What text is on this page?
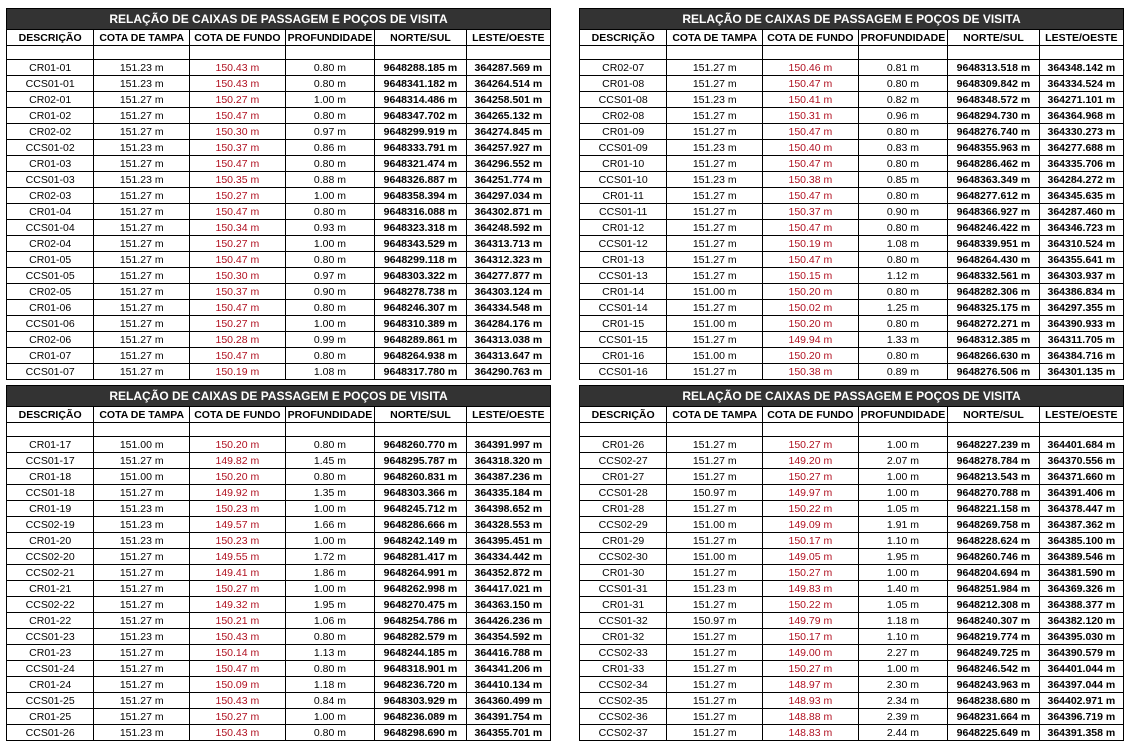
RELAÇÃO DE CAIXAS DE PASSAGEM E POÇOS DE VISITA					
DESCRIÇÃO	COTA DE TAMPA	COTA DE FUNDO	PROFUNDIDADE	NORTE/SUL	LESTE/OESTE

CR01-01	151.23 m	150.43 m	0.80 m	9648288.185 m	364287.569 m
CCS01-01	151.23 m	150.43 m	0.80 m	9648341.182 m	364264.514 m
CR02-01	151.27 m	150.27 m	1.00 m	9648314.486 m	364258.501 m
CR01-02	151.27 m	150.47 m	0.80 m	9648347.702 m	364265.132 m
CR02-02	151.27 m	150.30 m	0.97 m	9648299.919 m	364274.845 m
CCS01-02	151.23 m	150.37 m	0.86 m	9648333.791 m	364257.927 m
CR01-03	151.27 m	150.47 m	0.80 m	9648321.474 m	364296.552 m
CCS01-03	151.23 m	150.35 m	0.88 m	9648326.887 m	364251.774 m
CR02-03	151.27 m	150.27 m	1.00 m	9648358.394 m	364297.034 m
CR01-04	151.27 m	150.47 m	0.80 m	9648316.088 m	364302.871 m
CCS01-04	151.27 m	150.34 m	0.93 m	9648323.318 m	364248.592 m
CR02-04	151.27 m	150.27 m	1.00 m	9648343.529 m	364313.713 m
CR01-05	151.27 m	150.47 m	0.80 m	9648299.118 m	364312.323 m
CCS01-05	151.27 m	150.30 m	0.97 m	9648303.322 m	364277.877 m
CR02-05	151.27 m	150.37 m	0.90 m	9648278.738 m	364303.124 m
CR01-06	151.27 m	150.47 m	0.80 m	9648246.307 m	364334.548 m
CCS01-06	151.27 m	150.27 m	1.00 m	9648310.389 m	364284.176 m
CR02-06	151.27 m	150.28 m	0.99 m	9648289.861 m	364313.038 m
CR01-07	151.27 m	150.47 m	0.80 m	9648264.938 m	364313.647 m
CCS01-07	151.27 m	150.19 m	1.08 m	9648317.780 m	364290.763 m
RELAÇÃO DE CAIXAS DE PASSAGEM E POÇOS DE VISITA					
DESCRIÇÃO	COTA DE TAMPA	COTA DE FUNDO	PROFUNDIDADE	NORTE/SUL	LESTE/OESTE

CR02-07	151.27 m	150.46 m	0.81 m	9648313.518 m	364348.142 m
CR01-08	151.27 m	150.47 m	0.80 m	9648309.842 m	364334.524 m
CCS01-08	151.23 m	150.41 m	0.82 m	9648348.572 m	364271.101 m
CR02-08	151.27 m	150.31 m	0.96 m	9648294.730 m	364364.968 m
CR01-09	151.27 m	150.47 m	0.80 m	9648276.740 m	364330.273 m
CCS01-09	151.23 m	150.40 m	0.83 m	9648355.963 m	364277.688 m
CR01-10	151.27 m	150.47 m	0.80 m	9648286.462 m	364335.706 m
CCS01-10	151.23 m	150.38 m	0.85 m	9648363.349 m	364284.272 m
CR01-11	151.27 m	150.47 m	0.80 m	9648277.612 m	364345.635 m
CCS01-11	151.27 m	150.37 m	0.90 m	9648366.927 m	364287.460 m
CR01-12	151.27 m	150.47 m	0.80 m	9648246.422 m	364346.723 m
CCS01-12	151.27 m	150.19 m	1.08 m	9648339.951 m	364310.524 m
CR01-13	151.27 m	150.47 m	0.80 m	9648264.430 m	364355.641 m
CCS01-13	151.27 m	150.15 m	1.12 m	9648332.561 m	364303.937 m
CR01-14	151.00 m	150.20 m	0.80 m	9648282.306 m	364386.834 m
CCS01-14	151.27 m	150.02 m	1.25 m	9648325.175 m	364297.355 m
CR01-15	151.00 m	150.20 m	0.80 m	9648272.271 m	364390.933 m
CCS01-15	151.27 m	149.94 m	1.33 m	9648312.385 m	364311.705 m
CR01-16	151.00 m	150.20 m	0.80 m	9648266.630 m	364384.716 m
CCS01-16	151.27 m	150.38 m	0.89 m	9648276.506 m	364301.135 m
RELAÇÃO DE CAIXAS DE PASSAGEM E POÇOS DE VISITA					
DESCRIÇÃO	COTA DE TAMPA	COTA DE FUNDO	PROFUNDIDADE	NORTE/SUL	LESTE/OESTE

CR01-17	151.00 m	150.20 m	0.80 m	9648260.770 m	364391.997 m
CCS01-17	151.27 m	149.82 m	1.45 m	9648295.787 m	364318.320 m
CR01-18	151.00 m	150.20 m	0.80 m	9648260.831 m	364387.236 m
CCS01-18	151.27 m	149.92 m	1.35 m	9648303.366 m	364335.184 m
CR01-19	151.23 m	150.23 m	1.00 m	9648245.712 m	364398.652 m
CCS02-19	151.23 m	149.57 m	1.66 m	9648286.666 m	364328.553 m
CR01-20	151.23 m	150.23 m	1.00 m	9648242.149 m	364395.451 m
CCS02-20	151.27 m	149.55 m	1.72 m	9648281.417 m	364334.442 m
CCS02-21	151.27 m	149.41 m	1.86 m	9648264.991 m	364352.872 m
CR01-21	151.27 m	150.27 m	1.00 m	9648262.998 m	364417.021 m
CCS02-22	151.27 m	149.32 m	1.95 m	9648270.475 m	364363.150 m
CR01-22	151.27 m	150.21 m	1.06 m	9648254.786 m	364426.236 m
CCS01-23	151.23 m	150.43 m	0.80 m	9648282.579 m	364354.592 m
CR01-23	151.27 m	150.14 m	1.13 m	9648244.185 m	364416.788 m
CCS01-24	151.27 m	150.47 m	0.80 m	9648318.901 m	364341.206 m
CR01-24	151.27 m	150.09 m	1.18 m	9648236.720 m	364410.134 m
CCS01-25	151.27 m	150.43 m	0.84 m	9648303.929 m	364360.499 m
CR01-25	151.27 m	150.27 m	1.00 m	9648236.089 m	364391.754 m
CCS01-26	151.23 m	150.43 m	0.80 m	9648298.690 m	364355.701 m
RELAÇÃO DE CAIXAS DE PASSAGEM E POÇOS DE VISITA					
DESCRIÇÃO	COTA DE TAMPA	COTA DE FUNDO	PROFUNDIDADE	NORTE/SUL	LESTE/OESTE

CR01-26	151.27 m	150.27 m	1.00 m	9648227.239 m	364401.684 m
CCS02-27	151.27 m	149.20 m	2.07 m	9648278.784 m	364370.556 m
CR01-27	151.27 m	150.27 m	1.00 m	9648213.543 m	364371.660 m
CCS01-28	150.97 m	149.97 m	1.00 m	9648270.788 m	364391.406 m
CR01-28	151.27 m	150.22 m	1.05 m	9648221.158 m	364378.447 m
CCS02-29	151.00 m	149.09 m	1.91 m	9648269.758 m	364387.362 m
CR01-29	151.27 m	150.17 m	1.10 m	9648228.624 m	364385.100 m
CCS02-30	151.00 m	149.05 m	1.95 m	9648260.746 m	364389.546 m
CR01-30	151.27 m	150.27 m	1.00 m	9648204.694 m	364381.590 m
CCS01-31	151.23 m	149.83 m	1.40 m	9648251.984 m	364369.326 m
CR01-31	151.27 m	150.22 m	1.05 m	9648212.308 m	364388.377 m
CCS01-32	150.97 m	149.79 m	1.18 m	9648240.307 m	364382.120 m
CR01-32	151.27 m	150.17 m	1.10 m	9648219.774 m	364395.030 m
CCS02-33	151.27 m	149.00 m	2.27 m	9648249.725 m	364390.579 m
CR01-33	151.27 m	150.27 m	1.00 m	9648246.542 m	364401.044 m
CCS02-34	151.27 m	148.97 m	2.30 m	9648243.963 m	364397.044 m
CCS02-35	151.27 m	148.93 m	2.34 m	9648238.680 m	364402.971 m
CCS02-36	151.27 m	148.88 m	2.39 m	9648231.664 m	364396.719 m
CCS02-37	151.27 m	148.83 m	2.44 m	9648225.649 m	364391.358 m
